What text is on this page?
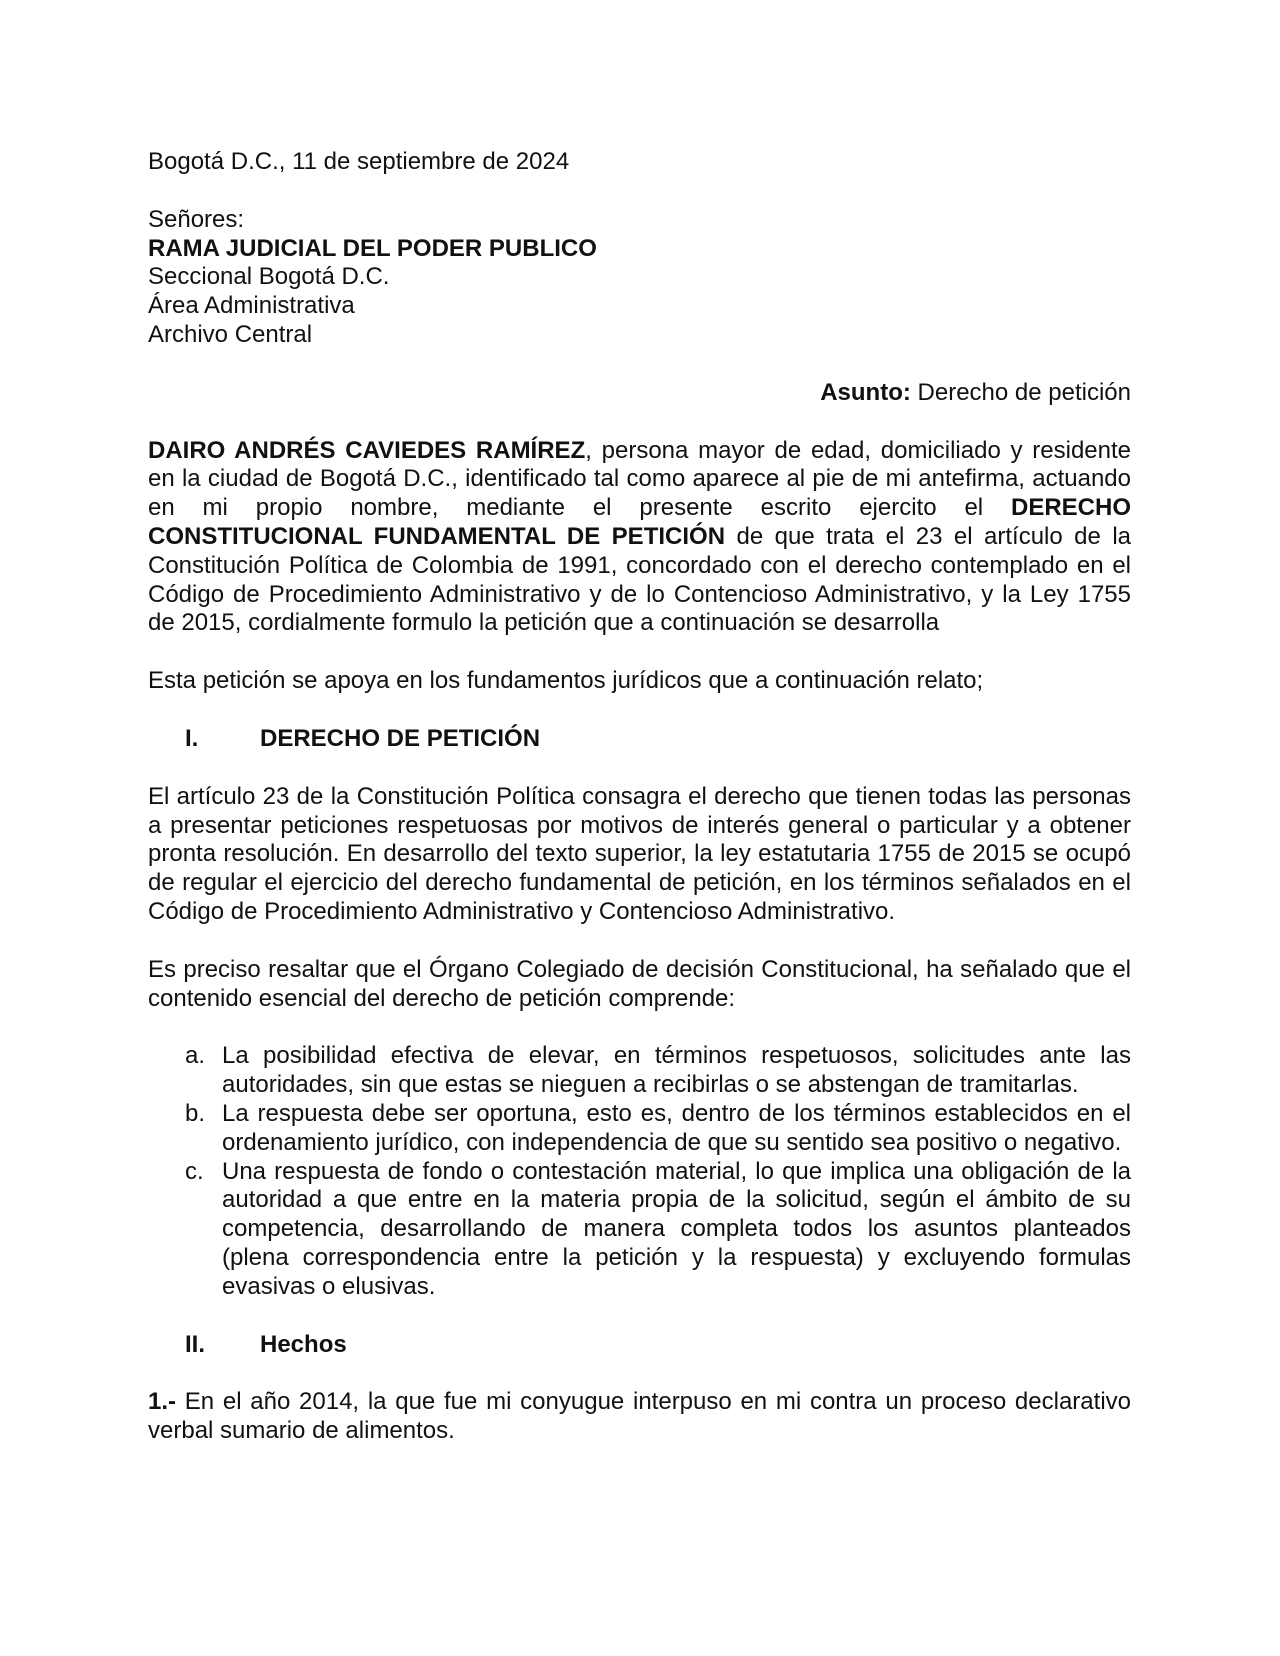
Bogotá D.C., 11 de septiembre de 2024

Señores:

RAMA JUDICIAL DEL PODER PUBLICO

Seccional Bogotá D.C.

Área Administrativa

Archivo Central

Asunto: Derecho de petición

DAIRO ANDRÉS CAVIEDES RAMÍREZ, persona mayor de edad, domiciliado y residente en la ciudad de Bogotá D.C., identificado tal como aparece al pie de mi antefirma, actuando en mi propio nombre, mediante el presente escrito ejercito el DERECHO CONSTITUCIONAL FUNDAMENTAL DE PETICIÓN de que trata el 23 el artículo de la Constitución Política de Colombia de 1991, concordado con el derecho contemplado en el Código de Procedimiento Administrativo y de lo Contencioso Administrativo, y la Ley 1755 de 2015, cordialmente formulo la petición que a continuación se desarrolla

Esta petición se apoya en los fundamentos jurídicos que a continuación relato;

I.	DERECHO DE PETICIÓN

El artículo 23 de la Constitución Política consagra el derecho que tienen todas las personas a presentar peticiones respetuosas por motivos de interés general o particular y a obtener pronta resolución. En desarrollo del texto superior, la ley estatutaria 1755 de 2015 se ocupó de regular el ejercicio del derecho fundamental de petición, en los términos señalados en el Código de Procedimiento Administrativo y Contencioso Administrativo.

Es preciso resaltar que el Órgano Colegiado de decisión Constitucional, ha señalado que el contenido esencial del derecho de petición comprende:

a. La posibilidad efectiva de elevar, en términos respetuosos, solicitudes ante las autoridades, sin que estas se nieguen a recibirlas o se abstengan de tramitarlas.
b. La respuesta debe ser oportuna, esto es, dentro de los términos establecidos en el ordenamiento jurídico, con independencia de que su sentido sea positivo o negativo.
c. Una respuesta de fondo o contestación material, lo que implica una obligación de la autoridad a que entre en la materia propia de la solicitud, según el ámbito de su competencia, desarrollando de manera completa todos los asuntos planteados (plena correspondencia entre la petición y la respuesta) y excluyendo formulas evasivas o elusivas.
II.	Hechos

1.- En el año 2014, la que fue mi conyugue interpuso en mi contra un proceso declarativo verbal sumario de alimentos.
